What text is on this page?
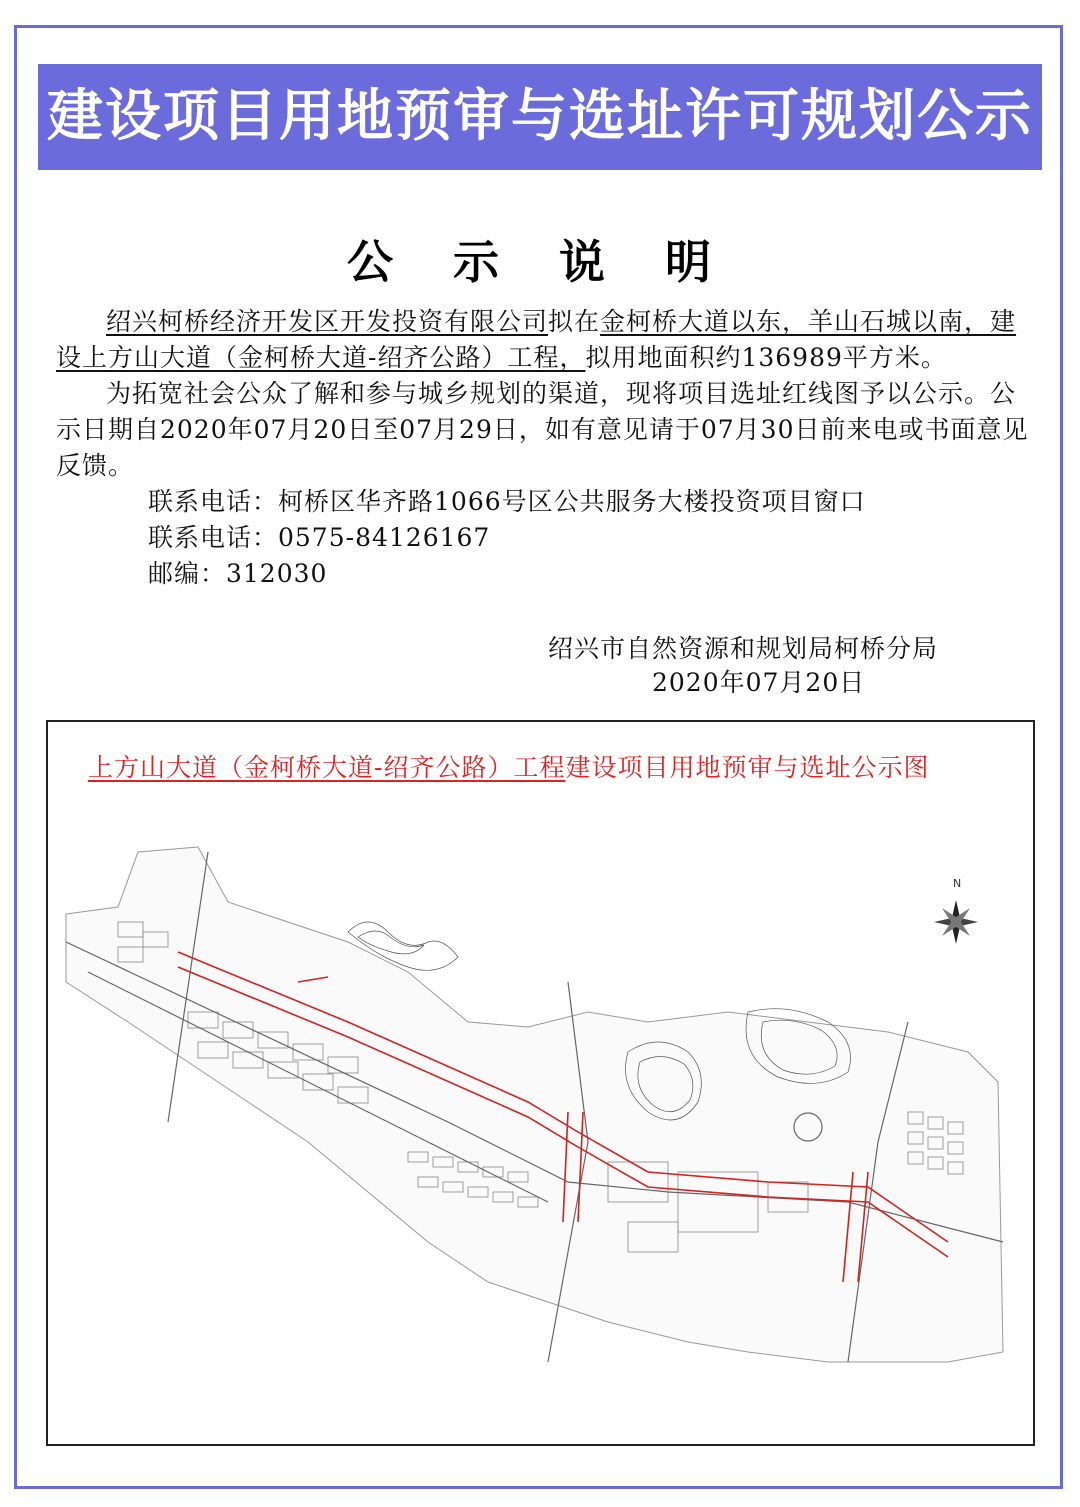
建设项目用地预审与选址许可规划公示
公 示 说 明

绍兴柯桥经济开发区开发投资有限公司拟在金柯桥大道以东，羊山石城以南，建设上方山大道（金柯桥大道-绍齐公路）工程，拟用地面积约136989平方米。

为拓宽社会公众了解和参与城乡规划的渠道，现将项目选址红线图予以公示。公示日期自2020年07月20日至07月29日，如有意见请于07月30日前来电或书面意见反馈。

联系电话：柯桥区华齐路1066号区公共服务大楼投资项目窗口

联系电话：0575-84126167

邮编：312030

绍兴市自然资源和规划局柯桥分局
2020年07月20日
上方山大道（金柯桥大道-绍齐公路）工程建设项目用地预审与选址公示图
N
